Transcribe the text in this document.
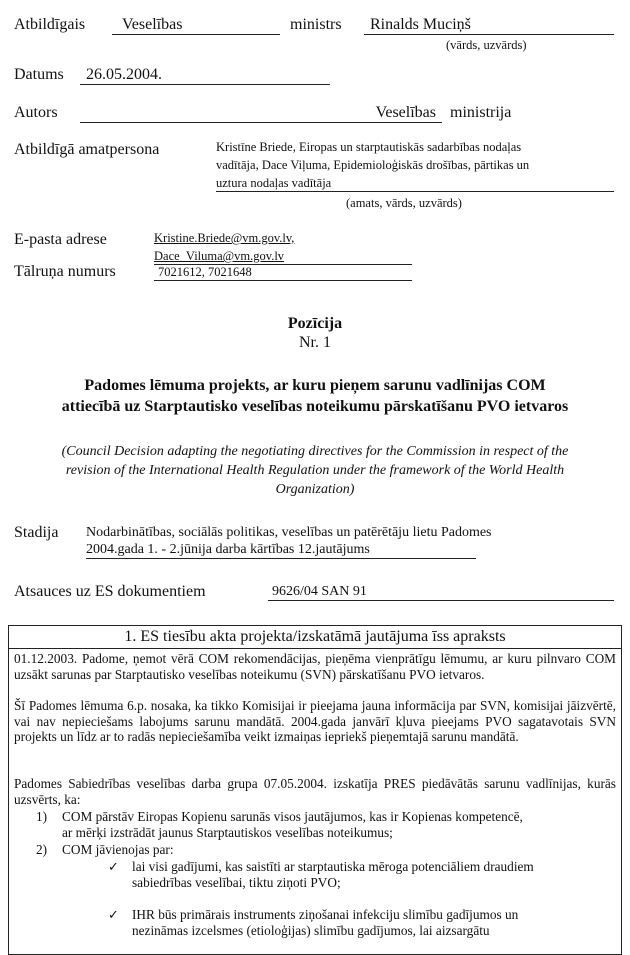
Atbildīgais	Veselības	ministrs	Rinalds Muciņš
(vārds, uzvārds)
Datums	26.05.2004.
Autors	Veselības ministrija
Atbildīgā amatpersona	Kristīne Briede, Eiropas un starptautiskās sadarbības nodaļas
vadītāja, Dace Viļuma, Epidemioloģiskās drošības, pārtikas un
uztura nodaļas vadītāja
(amats, vārds, uzvārds)
E-pasta adrese	Kristine.Briede@vm.gov.lv,
Dace_Viluma@vm.gov.lv
Tālruņa numurs	7021612, 7021648
Pozīcija
Nr. 1
Padomes lēmuma projekts, ar kuru pieņem sarunu vadlīnijas COM
attiecībā uz Starptautisko veselības noteikumu pārskatīšanu PVO ietvaros
(Council Decision adapting the negotiating directives for the Commission in respect of the
revision of the International Health Regulation under the framework of the World Health
Organization)
Stadija Nodarbinātības, sociālās politikas, veselības un patērētāju lietu Padomes
2004.gada 1. - 2.jūnija darba kārtības 12.jautājums
Atsauces uz ES dokumentiem	9626/04 SAN 91
1. ES tiesību akta projekta/izskatāmā jautājuma īss apraksts
01.12.2003. Padome, ņemot vērā COM rekomendācijas, pieņēma vienprātīgu lēmumu, ar kuru pilnvaro COM uzsākt sarunas par Starptautisko veselības noteikumu (SVN) pārskatīšanu PVO ietvaros.
Šī Padomes lēmuma 6.p. nosaka, ka tikko Komisijai ir pieejama jauna informācija par SVN, komisijai jāizvērtē, vai nav nepieciešams labojums sarunu mandātā. 2004.gada janvārī kļuva pieejams PVO sagatavotais SVN projekts un līdz ar to radās nepieciešamība veikt izmaiņas iepriekš pieņemtajā sarunu mandātā.
Padomes Sabiedrības veselības darba grupa 07.05.2004. izskatīja PRES piedāvātās sarunu vadlīnijas, kurās uzsvērts, ka:
1) COM pārstāv Eiropas Kopienu sarunās visos jautājumos, kas ir Kopienas kompetencē,
ar mērķi izstrādāt jaunus Starptautiskos veselības noteikumus;
2) COM jāvienojas par:
✓ lai visi gadījumi, kas saistīti ar starptautiska mēroga potenciāliem draudiem
sabiedrības veselībai, tiktu ziņoti PVO;
✓ IHR būs primārais instruments ziņošanai infekciju slimību gadījumos un
nezināmas izcelsmes (etioloģijas) slimību gadījumos, lai aizsargātu
